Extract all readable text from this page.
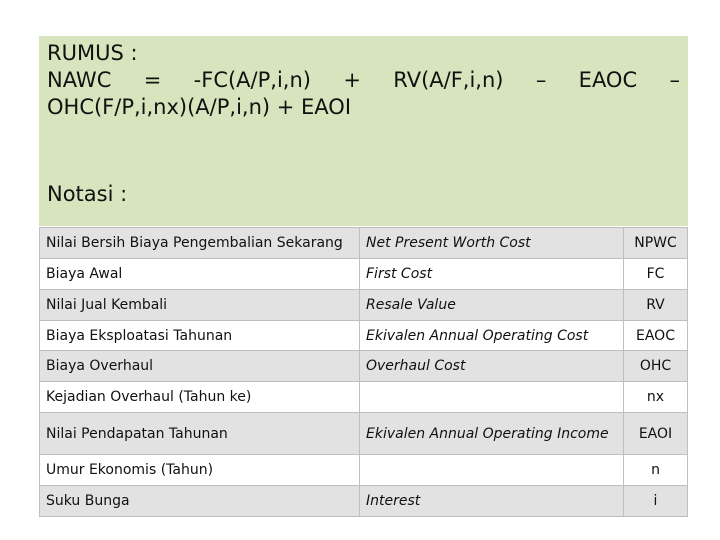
RUMUS :
NAWC = -FC(A/P,i,n) + RV(A/F,i,n) – EAOC –
OHC(F/P,i,nx)(A/P,i,n) + EAOI
Notasi :
Nilai Bersih Biaya Pengembalian Sekarang	Net Present Worth Cost	NPWC
Biaya Awal	First Cost	FC
Nilai Jual Kembali	Resale Value	RV
Biaya Eksploatasi Tahunan	Ekivalen Annual Operating Cost	EAOC
Biaya Overhaul	Overhaul Cost	OHC
Kejadian Overhaul (Tahun ke)		nx
Nilai Pendapatan Tahunan	Ekivalen Annual Operating Income	EAOI
Umur Ekonomis (Tahun)		n
Suku Bunga	Interest	i
